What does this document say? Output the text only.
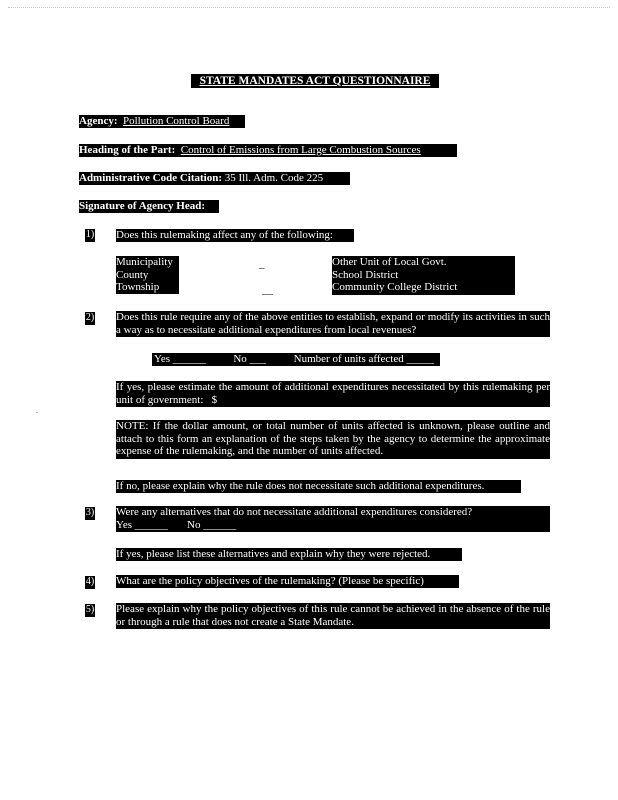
STATE MANDATES ACT QUESTIONNAIRE
Agency: Pollution Control Board
Heading of the Part: Control of Emissions from Large Combustion Sources
Administrative Code Citation: 35 Ill. Adm. Code 225
Signature of Agency Head:
1) Does this rulemaking affect any of the following:
Municipality
County
Township
_
__
Other Unit of Local Govt.
School District
Community College District
2) Does this rule require any of the above entities to establish, expand or modify its activities in such a way as to necessitate additional expenditures from local revenues?
Yes ______	No ___	Number of units affected _____
If yes, please estimate the amount of additional expenditures necessitated by this rulemaking per unit of government: $
NOTE: If the dollar amount, or total number of units affected is unknown, please outline and attach to this form an explanation of the steps taken by the agency to determine the approximate expense of the rulemaking, and the number of units affected.
If no, please explain why the rule does not necessitate such additional expenditures.
3) Were any alternatives that do not necessitate additional expenditures considered?
Yes ______ No ______
If yes, please list these alternatives and explain why they were rejected.
4) What are the policy objectives of the rulemaking? (Please be specific)
5) Please explain why the policy objectives of this rule cannot be achieved in the absence of the rule or through a rule that does not create a State Mandate.
